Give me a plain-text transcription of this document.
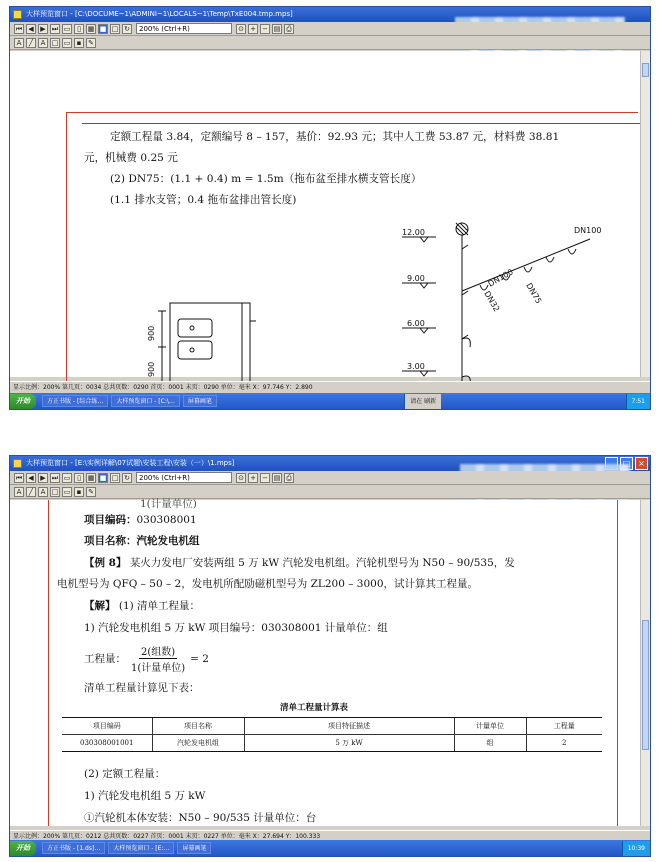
大样预览窗口 - [C:\DOCUME~1\ADMINI~1\LOCALS~1\Temp\TxE004.tmp.mps]
⏮ ◀ ▶ ⏭ ▭ ▯ ▦ ■ □ ↻	200% (Ctrl+R)	⊙ + − ▤ ⎙
A	╱	A □ ▭ ▪ ✎
定额工程量 3.84，定额编号 8 – 157，基价：92.93 元；其中人工费 53.87 元，材料费 38.81
元，机械费 0.25 元
(2) DN75：(1.1 + 0.4) m = 1.5m（拖布盆至排水横支管长度）
(1.1 排水支管；0.4 拖布盆排出管长度)
900
900
12.00
9.00
6.00
3.00
DN100
DN100
DN75
DN32
显示比例：200% 第几页：0034 总共页数：0290 首页：0001 末页：0290 单位：毫米 X：97.746 Y：2.890
开始	方正书版 - [综合练…	大样预览窗口 - [C:\…	屏幕画笔	请在 刷新	7:51
大样预览窗口 - [E:\实例详解\07试题\安装工程\安装（一）\1.mps]	×
⏮ ◀ ▶ ⏭ ▭ ▯ ▦ ■ □ ↻	200% (Ctrl+R)	⊙ + − ▤ ⎙
A	╱	A □ ▭ ▪ ✎
1(计量单位)
项目编码：030308001
项目名称：汽轮发电机组
【例 8】 某火力发电厂安装两组 5 万 kW 汽轮发电机组。汽轮机型号为 N50 – 90/535，发
电机型号为 QFQ – 50 – 2，发电机所配励磁机型号为 ZL200 – 3000，试计算其工程量。
【解】 (1) 清单工程量：
1) 汽轮发电机组 5 万 kW 项目编号：030308001 计量单位：组
工程量：
2(组数)
1(计量单位)
= 2
清单工程量计算见下表：
清单工程量计算表
项目编码	项目名称	项目特征描述	计量单位	工程量
030308001001	汽轮发电机组	5 万 kW	组	2
(2) 定额工程量：
1) 汽轮发电机组 5 万 kW
①汽轮机本体安装：N50 – 90/535 计量单位：台
显示比例：200% 第几页：0212 总共页数：0227 首页：0001 末页：0227 单位：毫米 X：27.694 Y：100.333
开始	方正书版 - [1.ds]…	大样预览窗口 - [E:…	屏幕画笔	10:39
